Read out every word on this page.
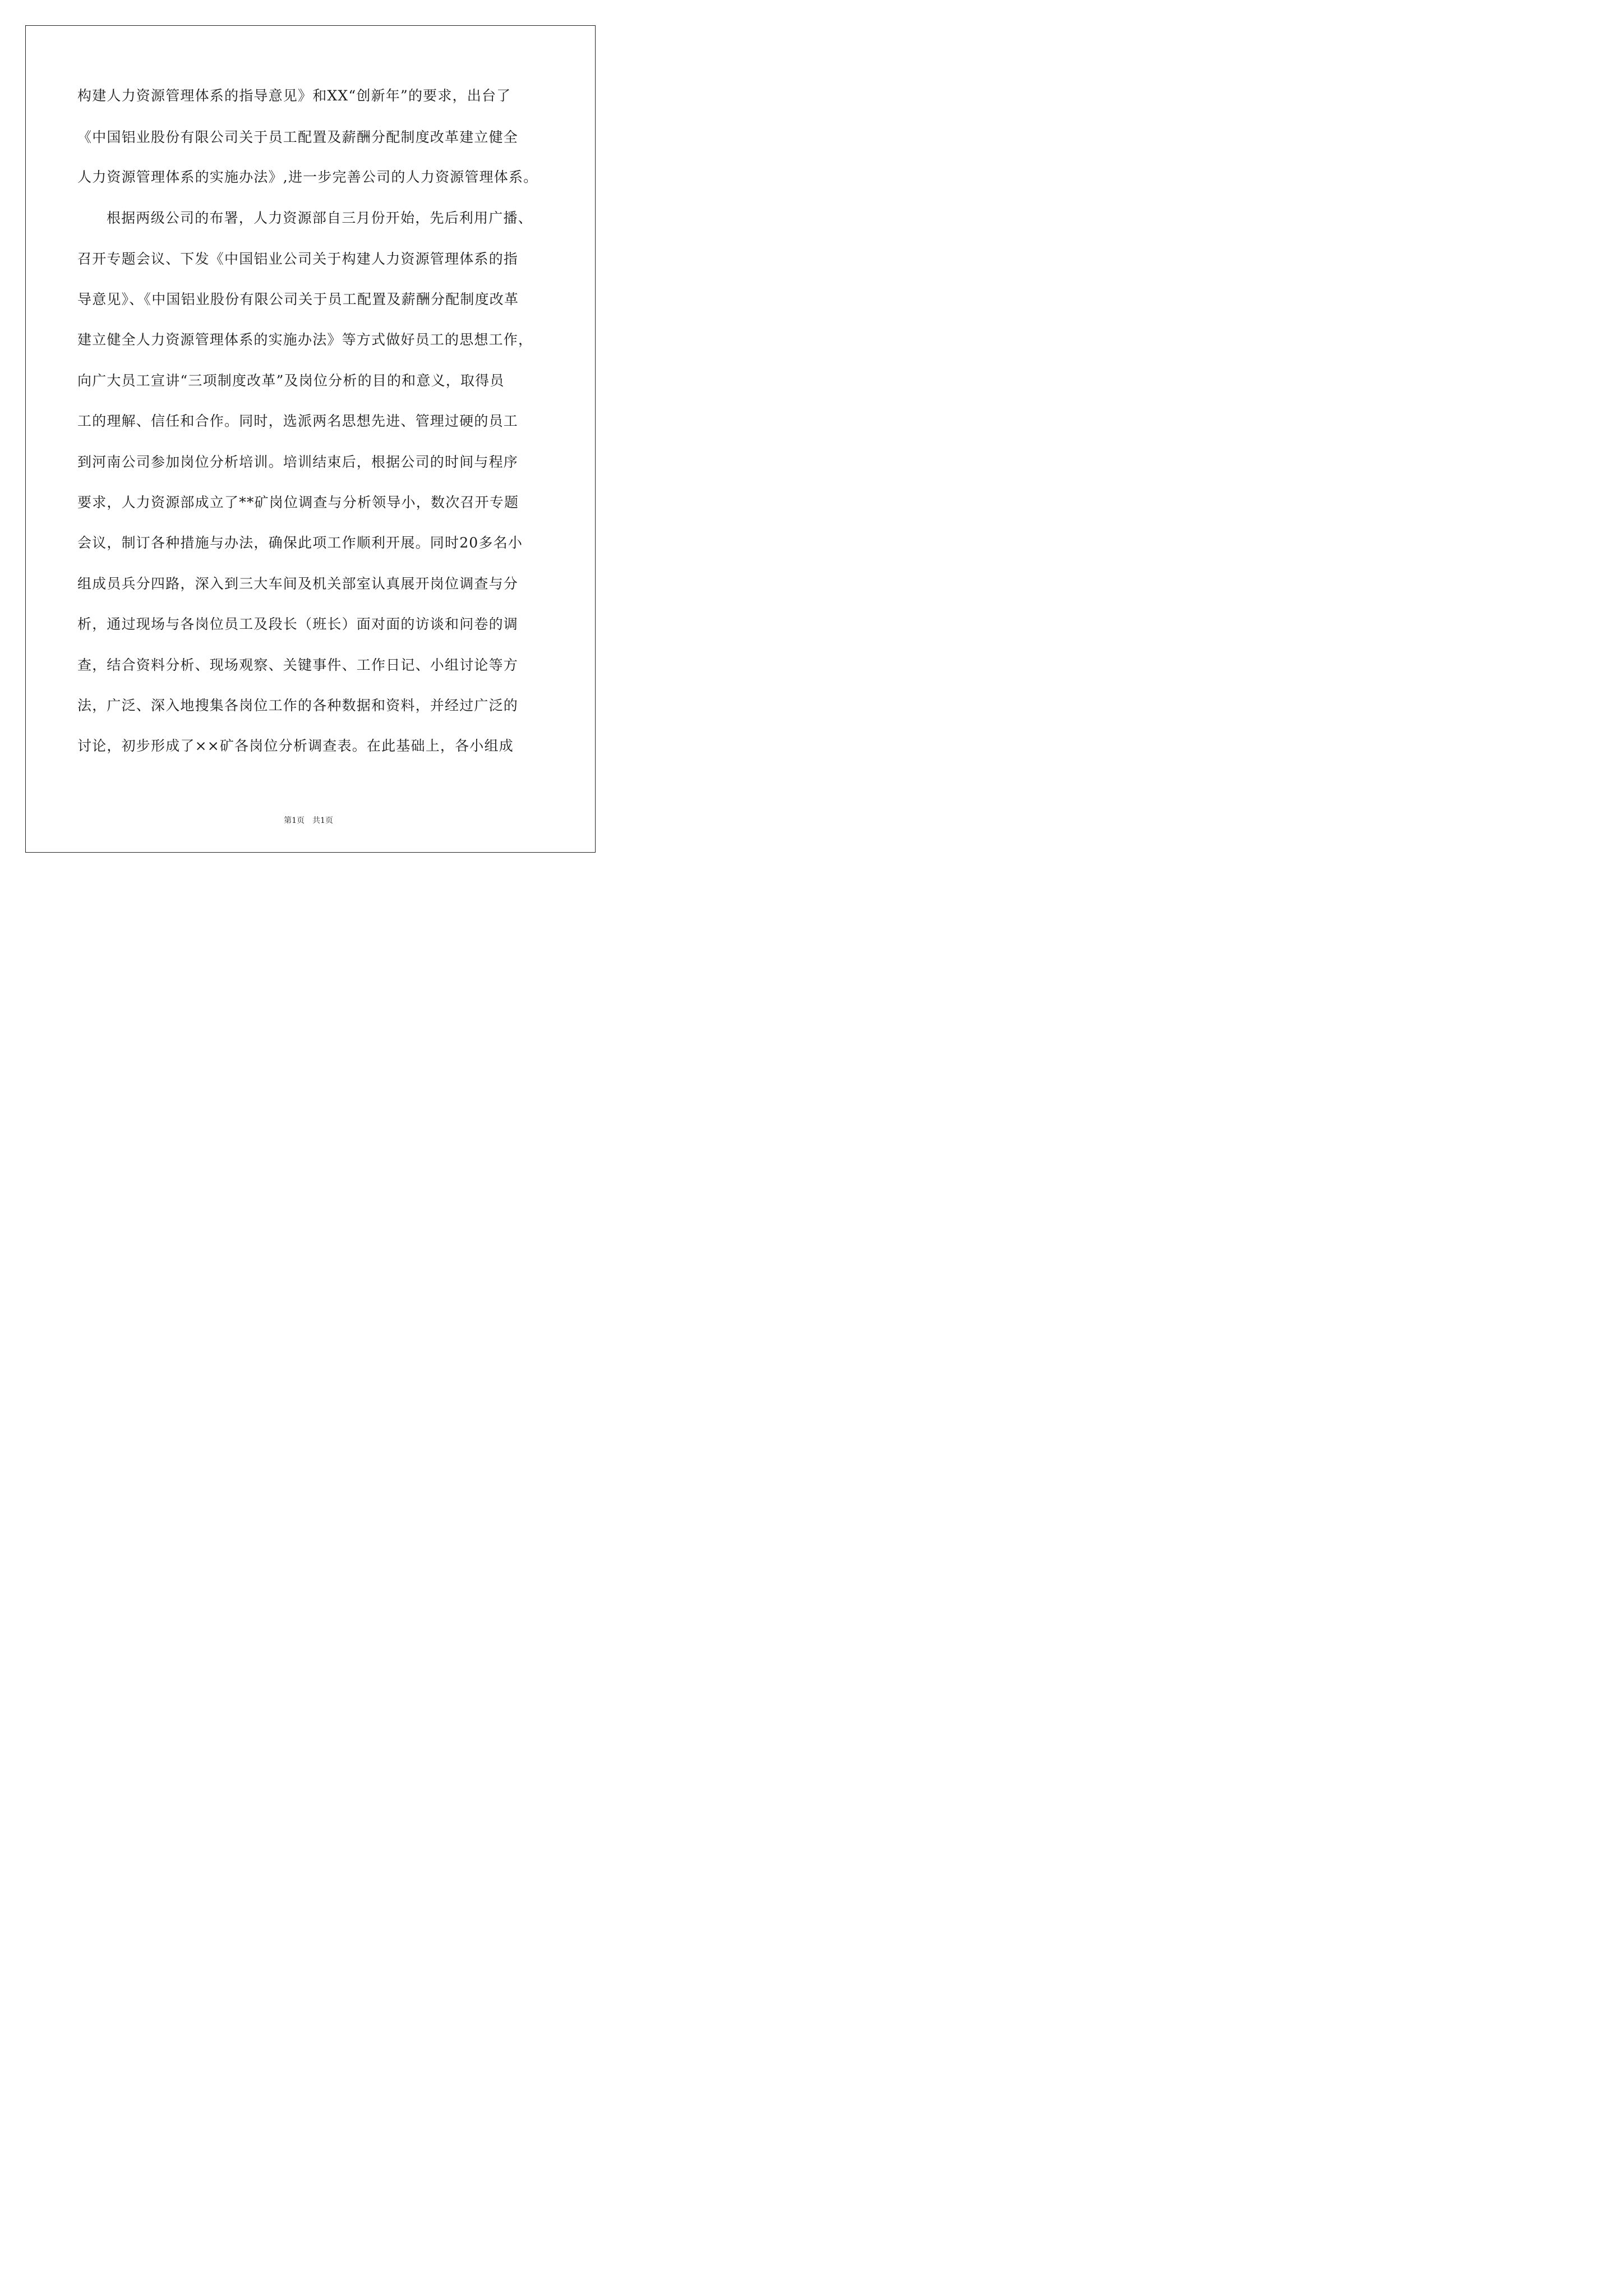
构建人力资源管理体系的指导意见》和XX“创新年”的要求，出台了
《中国铝业股份有限公司关于员工配置及薪酬分配制度改革建立健全
人力资源管理体系的实施办法》,进一步完善公司的人力资源管理体系。
根据两级公司的布署，人力资源部自三月份开始，先后利用广播、
召开专题会议、下发《中国铝业公司关于构建人力资源管理体系的指
导意见》、《中国铝业股份有限公司关于员工配置及薪酬分配制度改革
建立健全人力资源管理体系的实施办法》等方式做好员工的思想工作，
向广大员工宣讲“三项制度改革”及岗位分析的目的和意义，取得员
工的理解、信任和合作。同时，选派两名思想先进、管理过硬的员工
到河南公司参加岗位分析培训。培训结束后，根据公司的时间与程序
要求，人力资源部成立了**矿岗位调查与分析领导小，数次召开专题
会议，制订各种措施与办法，确保此项工作顺利开展。同时20多名小
组成员兵分四路，深入到三大车间及机关部室认真展开岗位调查与分
析，通过现场与各岗位员工及段长（班长）面对面的访谈和问卷的调
查，结合资料分析、现场观察、关键事件、工作日记、小组讨论等方
法，广泛、深入地搜集各岗位工作的各种数据和资料，并经过广泛的
讨论，初步形成了××矿各岗位分析调查表。在此基础上，各小组成
第1页 共1页
